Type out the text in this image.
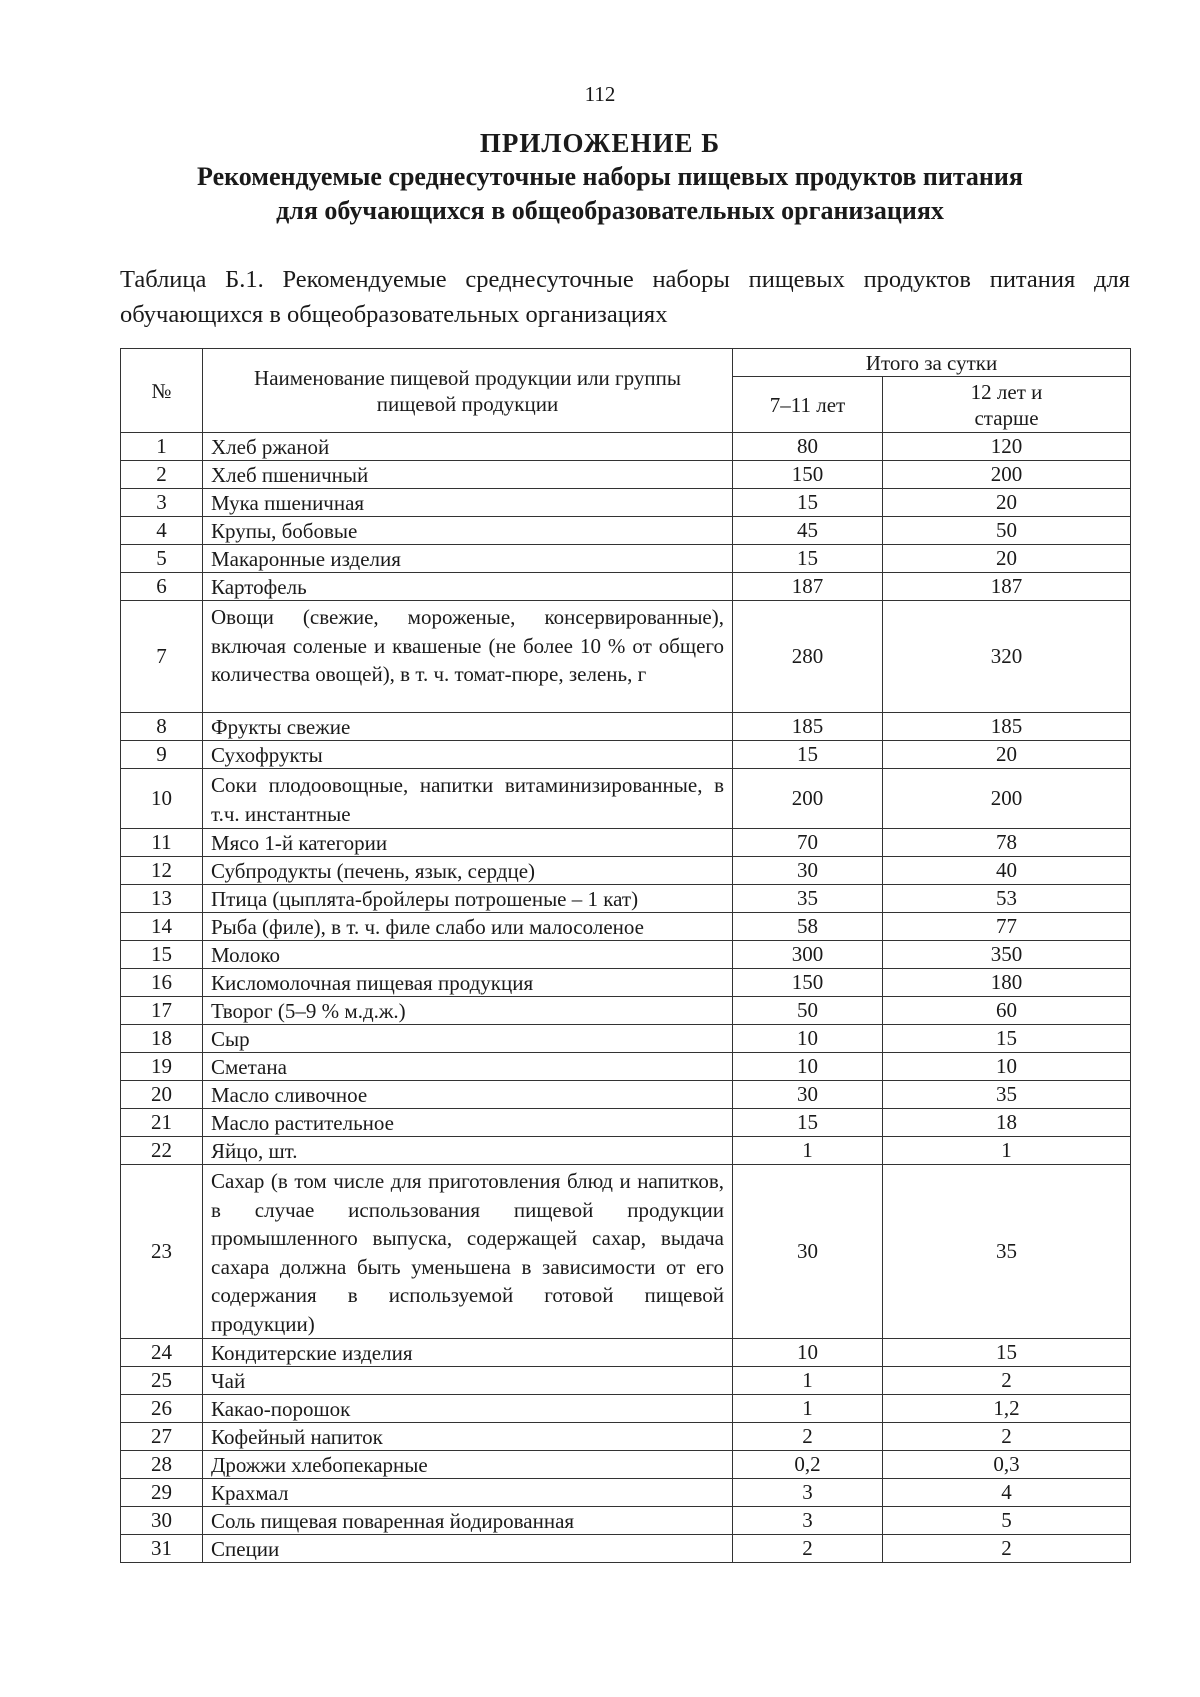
112
ПРИЛОЖЕНИЕ Б
Рекомендуемые среднесуточные наборы пищевых продуктов питания
для обучающихся в общеобразовательных организациях
Таблица Б.1. Рекомендуемые среднесуточные наборы пищевых продуктов питания для обучающихся в общеобразовательных организациях
№	Наименование пищевой продукции или группы пищевой продукции	Итого за сутки	
		7–11 лет	12 лет и старше
1	Хлеб ржаной	80	120
2	Хлеб пшеничный	150	200
3	Мука пшеничная	15	20
4	Крупы, бобовые	45	50
5	Макаронные изделия	15	20
6	Картофель	187	187
7	Овощи (свежие, мороженые, консервированные), включая соленые и квашеные (не более 10 % от общего количества овощей), в т. ч. томат-пюре, зелень, г	280	320
8	Фрукты свежие	185	185
9	Сухофрукты	15	20
10	Соки плодоовощные, напитки витаминизированные, в т.ч. инстантные	200	200
11	Мясо 1-й категории	70	78
12	Субпродукты (печень, язык, сердце)	30	40
13	Птица (цыплята-бройлеры потрошеные – 1 кат)	35	53
14	Рыба (филе), в т. ч. филе слабо или малосоленое	58	77
15	Молоко	300	350
16	Кисломолочная пищевая продукция	150	180
17	Творог (5–9 % м.д.ж.)	50	60
18	Сыр	10	15
19	Сметана	10	10
20	Масло сливочное	30	35
21	Масло растительное	15	18
22	Яйцо, шт.	1	1
23	Сахар (в том числе для приготовления блюд и напитков, в случае использования пищевой продукции промышленного выпуска, содержащей сахар, выдача сахара должна быть уменьшена в зависимости от его содержания в используемой готовой пищевой продукции)	30	35
24	Кондитерские изделия	10	15
25	Чай	1	2
26	Какао-порошок	1	1,2
27	Кофейный напиток	2	2
28	Дрожжи хлебопекарные	0,2	0,3
29	Крахмал	3	4
30	Соль пищевая поваренная йодированная	3	5
31	Специи	2	2
